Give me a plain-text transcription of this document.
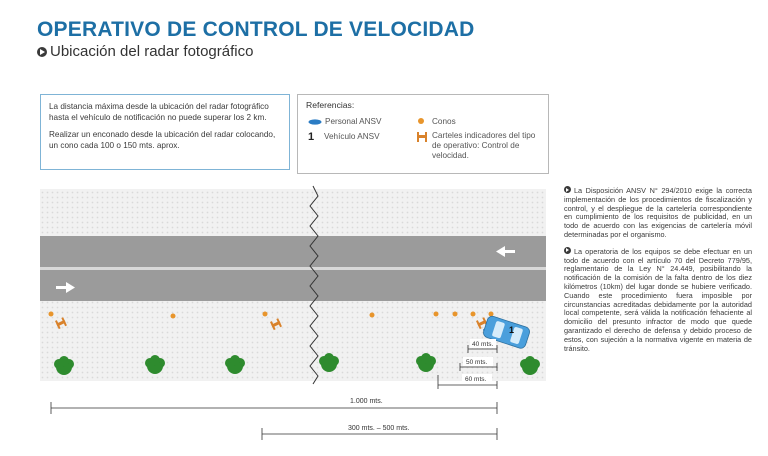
OPERATIVO DE CONTROL DE VELOCIDAD
Ubicación del radar fotográfico

La distancia máxima desde la ubicación del radar fotográfico hasta el vehículo de notificación no puede superar los 2 km.

Realizar un enconado desde la ubicación del radar colocando, un cono cada 100 o 150 mts. aprox.

Referencias:
Personal ANSV
1	Vehículo ANSV
Conos
Carteles indicadores del tipo de operativo: Control de velocidad.
1
40 mts.
50 mts.
60 mts.
1.000 mts.
300 mts. – 500 mts.

La Disposición ANSV N° 294/2010 exige la correcta implementación de los procedimientos de fiscalización y control, y el despliegue de la cartelería correspondiente en cumplimiento de los requisitos de publicidad, en un todo de acuerdo con las exigencias de cartelería móvil determinadas por el organismo.

La operatoria de los equipos se debe efectuar en un todo de acuerdo con el artículo 70 del Decreto 779/95, reglamentario de la Ley N° 24.449, posibilitando la notificación de la comisión de la falta dentro de los diez kilómetros (10km) del lugar donde se hubiere verificado. Cuando este procedimiento fuera imposible por circunstancias acreditadas debidamente por la autoridad local competente, será válida la notificación fehaciente al domicilio del presunto infractor de modo que quede garantizado el derecho de defensa y debido proceso de estos, con sujeción a la normativa vigente en materia de tránsito.
